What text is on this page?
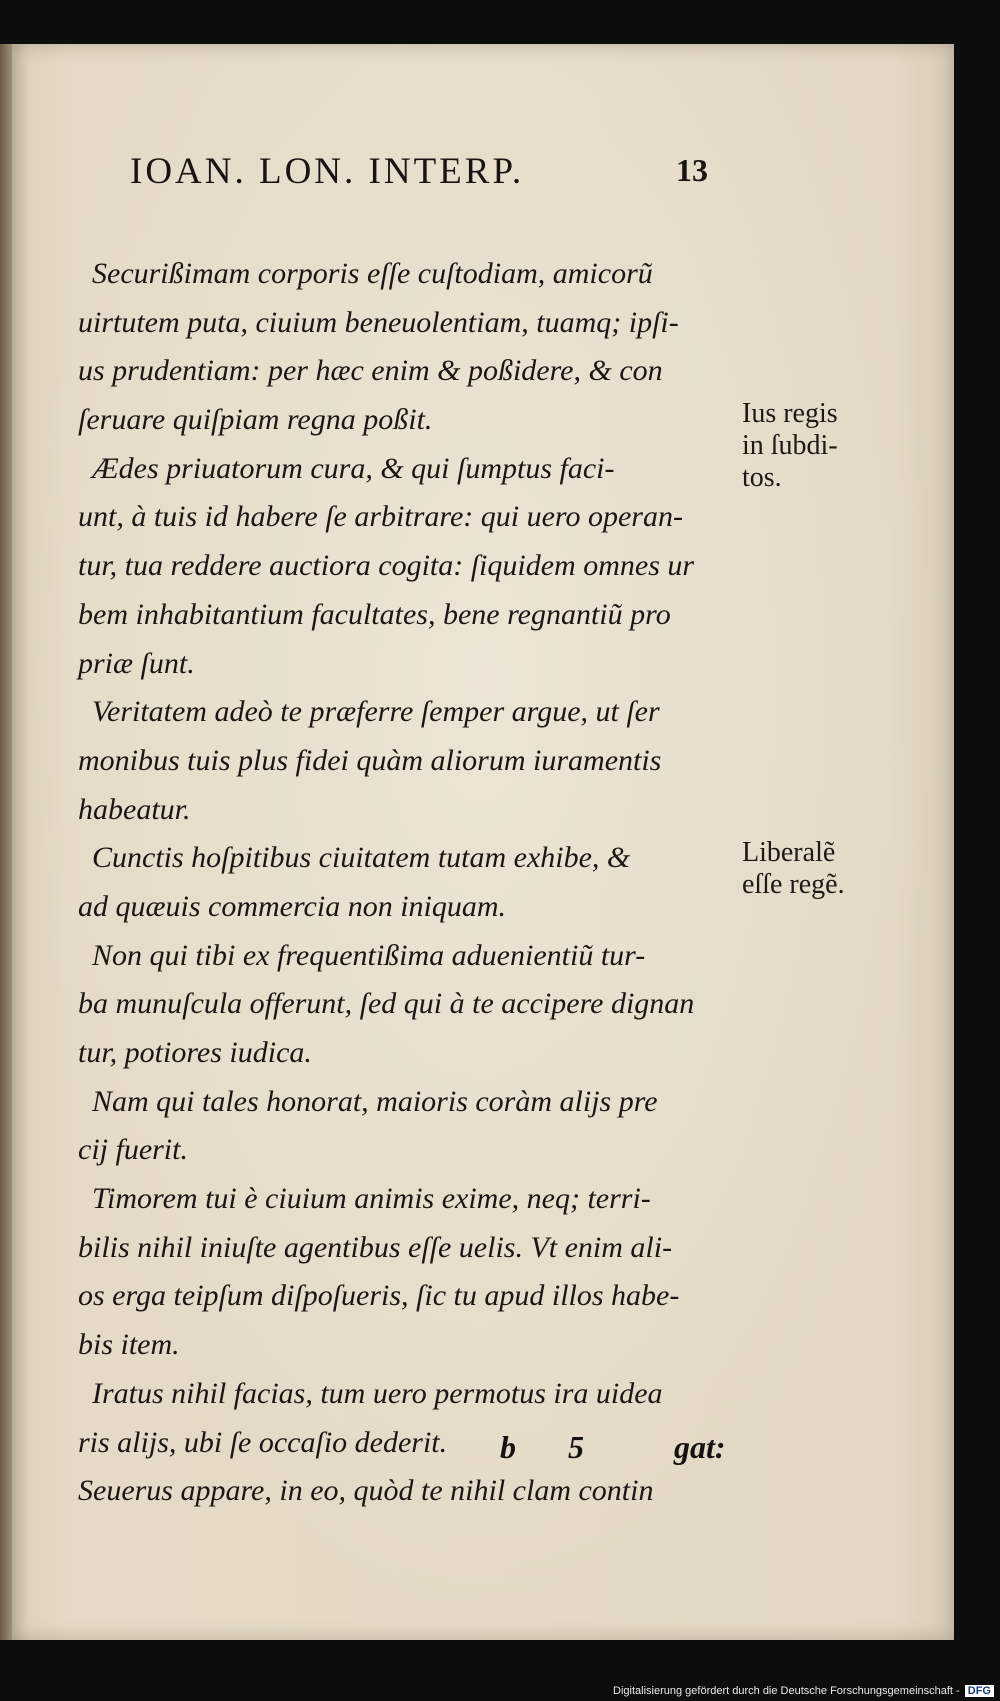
IOAN. LON. INTERP.	13
Securißimam corporis eſſe cuſtodiam, amicorũ
uirtutem puta, ciuium beneuolentiam, tuamq; ipſi-
us prudentiam: per hæc enim & poßidere, & con
ſeruare quiſpiam regna poßit.
Ædes priuatorum cura, & qui ſumptus faci-
unt, à tuis id habere ſe arbitrare: qui uero operan-
tur, tua reddere auctiora cogita: ſiquidem omnes ur
bem inhabitantium facultates, bene regnantiũ pro
priæ ſunt.
Veritatem adeò te præferre ſemper argue, ut ſer
monibus tuis plus fidei quàm aliorum iuramentis
habeatur.
Cunctis hoſpitibus ciuitatem tutam exhibe, &
ad quæuis commercia non iniquam.
Non qui tibi ex frequentißima aduenientiũ tur-
ba munuſcula offerunt, ſed qui à te accipere dignan
tur, potiores iudica.
Nam qui tales honorat, maioris coràm alijs pre
cij fuerit.
Timorem tui è ciuium animis exime, neq; terri-
bilis nihil iniuſte agentibus eſſe uelis. Vt enim ali-
os erga teipſum diſpoſueris, ſic tu apud illos habe-
bis item.
Iratus nihil facias, tum uero permotus ira uidea
ris alijs, ubi ſe occaſio dederit.
Seuerus appare, in eo, quòd te nihil clam contin
Ius regis
in ſubdi-
tos.
Liberalẽ
eſſe regẽ.
b 5	gat:
Digitalisierung gefördert durch die Deutsche Forschungsgemeinschaft - DFG
